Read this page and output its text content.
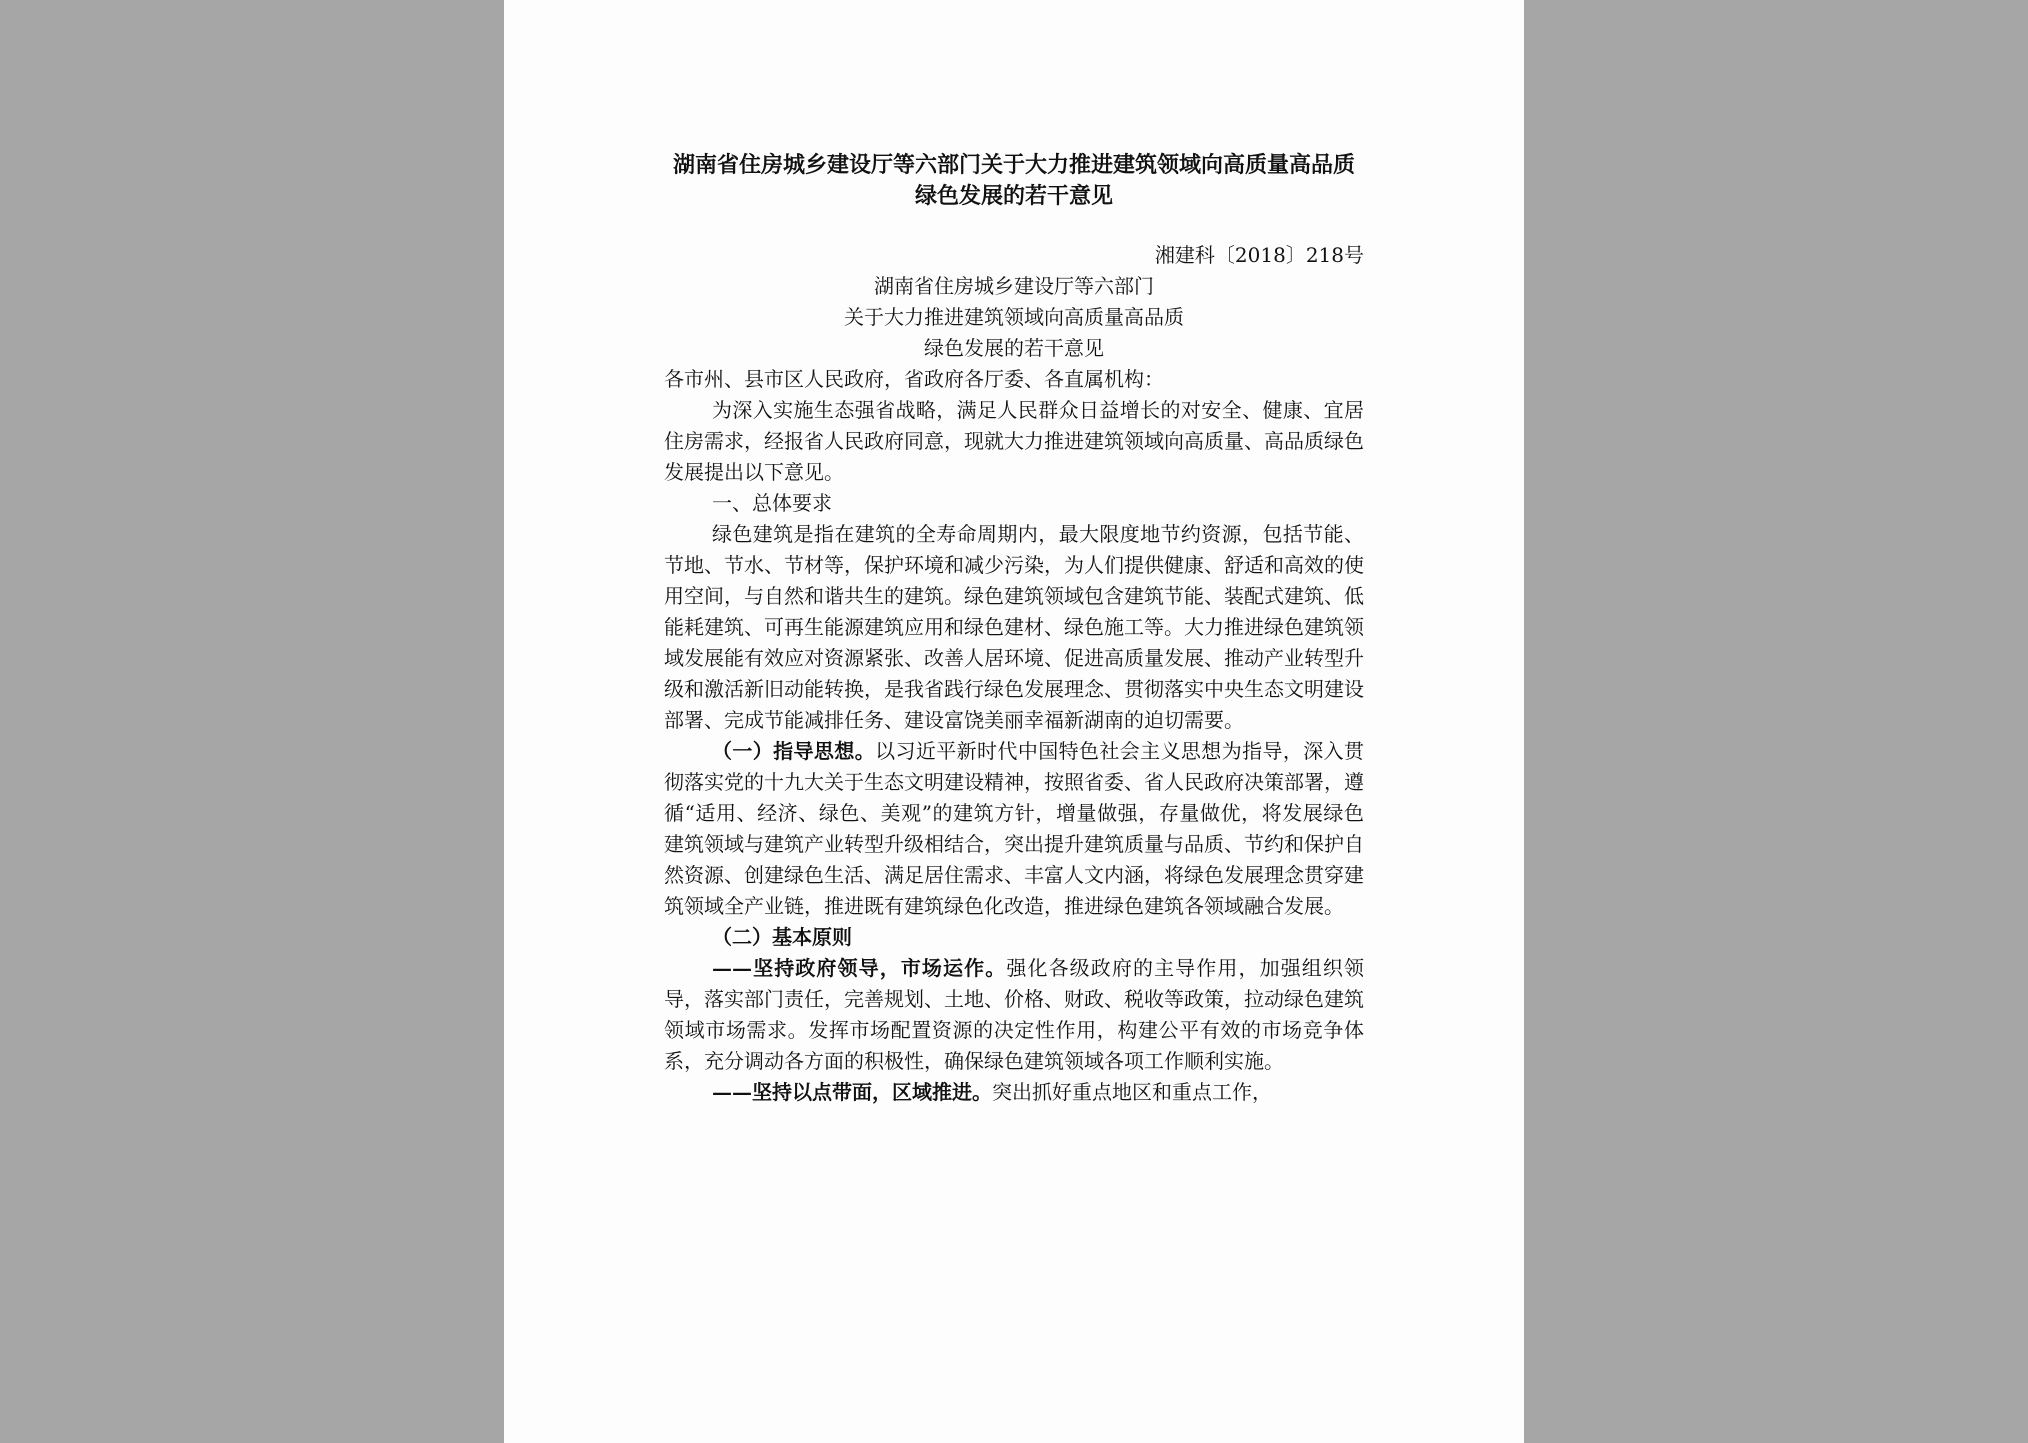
湖南省住房城乡建设厅等六部门关于大力推进建筑领域向高质量高品质绿色发展的若干意见
湘建科〔2018〕218号
湖南省住房城乡建设厅等六部门
关于大力推进建筑领域向高质量高品质
绿色发展的若干意见
各市州、县市区人民政府，省政府各厅委、各直属机构：

为深入实施生态强省战略，满足人民群众日益增长的对安全、健康、宜居住房需求，经报省人民政府同意，现就大力推进建筑领域向高质量、高品质绿色发展提出以下意见。

一、总体要求

绿色建筑是指在建筑的全寿命周期内，最大限度地节约资源，包括节能、节地、节水、节材等，保护环境和减少污染，为人们提供健康、舒适和高效的使用空间，与自然和谐共生的建筑。绿色建筑领域包含建筑节能、装配式建筑、低能耗建筑、可再生能源建筑应用和绿色建材、绿色施工等。大力推进绿色建筑领域发展能有效应对资源紧张、改善人居环境、促进高质量发展、推动产业转型升级和激活新旧动能转换，是我省践行绿色发展理念、贯彻落实中央生态文明建设部署、完成节能减排任务、建设富饶美丽幸福新湖南的迫切需要。

（一）指导思想。以习近平新时代中国特色社会主义思想为指导，深入贯彻落实党的十九大关于生态文明建设精神，按照省委、省人民政府决策部署，遵循“适用、经济、绿色、美观”的建筑方针，增量做强，存量做优，将发展绿色建筑领域与建筑产业转型升级相结合，突出提升建筑质量与品质、节约和保护自然资源、创建绿色生活、满足居住需求、丰富人文内涵，将绿色发展理念贯穿建筑领域全产业链，推进既有建筑绿色化改造，推进绿色建筑各领域融合发展。

（二）基本原则

——坚持政府领导，市场运作。强化各级政府的主导作用，加强组织领导，落实部门责任，完善规划、土地、价格、财政、税收等政策，拉动绿色建筑领域市场需求。发挥市场配置资源的决定性作用，构建公平有效的市场竞争体系，充分调动各方面的积极性，确保绿色建筑领域各项工作顺利实施。

——坚持以点带面，区域推进。突出抓好重点地区和重点工作，
